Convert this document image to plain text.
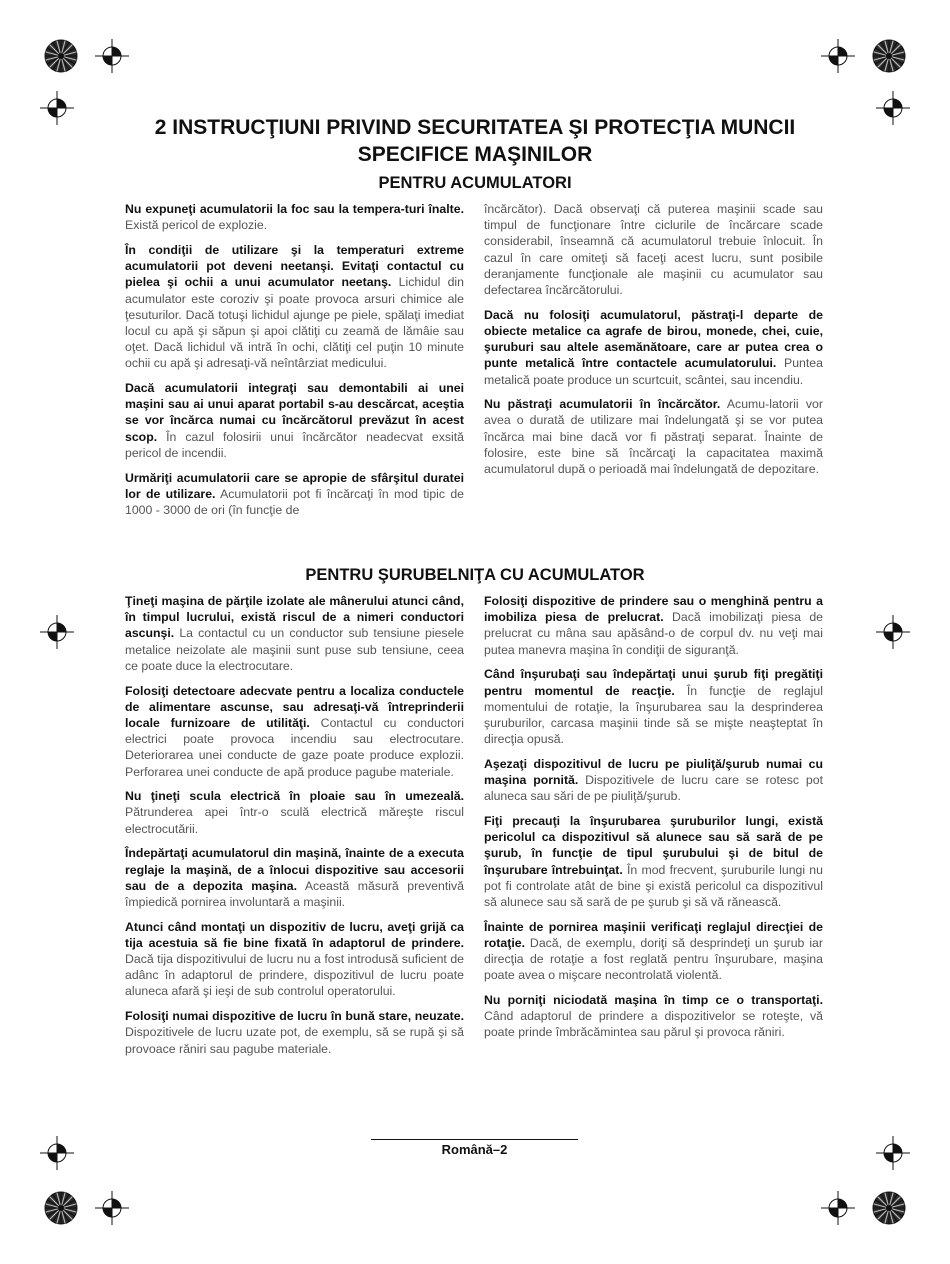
2 INSTRUCŢIUNI PRIVIND SECURITATEA ŞI PROTECŢIA MUNCII
SPECIFICE MAŞINILOR
PENTRU ACUMULATORI

Nu expuneţi acumulatorii la foc sau la tempera-turi înalte. Există pericol de explozie.

În condiţii de utilizare şi la temperaturi extreme acumulatorii pot deveni neetanşi. Evitaţi contactul cu pielea şi ochii a unui acumulator neetanş. Lichidul din acumulator este coroziv şi poate provoca arsuri chimice ale ţesuturilor. Dacă totuşi lichidul ajunge pe piele, spălaţi imediat locul cu apă şi săpun şi apoi clătiţi cu zeamă de lămâie sau oţet. Dacă lichidul vă intră în ochi, clătiţi cel puţin 10 minute ochii cu apă şi adresaţi-vă neîntârziat medicului.

Dacă acumulatorii integraţi sau demontabili ai unei maşini sau ai unui aparat portabil s-au descărcat, aceştia se vor încărca numai cu încărcătorul prevăzut în acest scop. În cazul folosirii unui încărcător neadecvat exsită pericol de incendii.

Urmăriţi acumulatorii care se apropie de sfârşitul duratei lor de utilizare. Acumulatorii pot fi încărcaţi în mod tipic de 1000 - 3000 de ori (în funcţie de

încărcător). Dacă observaţi că puterea maşinii scade sau timpul de funcţionare între ciclurile de încărcare scade considerabil, înseamnă că acumulatorul trebuie înlocuit. În cazul în care omiteţi să faceţi acest lucru, sunt posibile deranjamente funcţionale ale maşinii cu acumulator sau defectarea încărcătorului.

Dacă nu folosiţi acumulatorul, păstraţi-l departe de obiecte metalice ca agrafe de birou, monede, chei, cuie, şuruburi sau altele asemănătoare, care ar putea crea o punte metalică între contactele acumulatorului. Puntea metalică poate produce un scurtcuit, scântei, sau incendiu.

Nu păstraţi acumulatorii în încărcător. Acumu-latorii vor avea o durată de utilizare mai îndelungată şi se vor putea încărca mai bine dacă vor fi păstraţi separat. Înainte de folosire, este bine să încărcaţi la capacitatea maximă acumulatorul după o perioadă mai îndelungată de depozitare.

PENTRU ŞURUBELNIŢA CU ACUMULATOR

Ţineţi maşina de părţile izolate ale mânerului atunci când, în timpul lucrului, există riscul de a nimeri conductori ascunşi. La contactul cu un conductor sub tensiune piesele metalice neizolate ale maşinii sunt puse sub tensiune, ceea ce poate duce la electrocutare.

Folosiţi detectoare adecvate pentru a localiza conductele de alimentare ascunse, sau adresaţi-vă întreprinderii locale furnizoare de utilităţi. Contactul cu conductori electrici poate provoca incendiu sau electrocutare. Deteriorarea unei conducte de gaze poate produce explozii. Perforarea unei conducte de apă produce pagube materiale.

Nu ţineţi scula electrică în ploaie sau în umezeală. Pătrunderea apei într-o sculă electrică măreşte riscul electrocutării.

Îndepărtaţi acumulatorul din maşină, înainte de a executa reglaje la maşină, de a înlocui dispozitive sau accesorii sau de a depozita maşina. Această măsură preventivă împiedică pornirea involuntară a maşinii.

Atunci când montaţi un dispozitiv de lucru, aveţi grijă ca tija acestuia să fie bine fixată în adaptorul de prindere. Dacă tija dispozitivului de lucru nu a fost introdusă suficient de adânc în adaptorul de prindere, dispozitivul de lucru poate aluneca afară şi ieşi de sub controlul operatorului.

Folosiţi numai dispozitive de lucru în bună stare, neuzate. Dispozitivele de lucru uzate pot, de exemplu, să se rupă şi să provoace răniri sau pagube materiale.

Folosiţi dispozitive de prindere sau o menghină pentru a imobiliza piesa de prelucrat. Dacă imobilizaţi piesa de prelucrat cu mâna sau apăsând-o de corpul dv. nu veţi mai putea manevra maşina în condiţii de siguranţă.

Când înşurubaţi sau îndepărtaţi unui şurub fiţi pregătiţi pentru momentul de reacţie. În funcţie de reglajul momentului de rotaţie, la înşurubarea sau la desprinderea şuruburilor, carcasa maşinii tinde să se mişte neaşteptat în direcţia opusă.

Aşezaţi dispozitivul de lucru pe piuliţă/şurub numai cu maşina pornită. Dispozitivele de lucru care se rotesc pot aluneca sau sări de pe piuliţă/şurub.

Fiţi precauţi la înşurubarea şuruburilor lungi, există pericolul ca dispozitivul să alunece sau să sară de pe şurub, în funcţie de tipul şurubului şi de bitul de înşurubare întrebuinţat. În mod frecvent, şuruburile lungi nu pot fi controlate atât de bine şi există pericolul ca dispozitivul să alunece sau să sară de pe şurub şi să vă rănească.

Înainte de pornirea maşinii verificaţi reglajul direcţiei de rotaţie. Dacă, de exemplu, doriţi să desprindeţi un şurub iar direcţia de rotaţie a fost reglată pentru înşurubare, maşina poate avea o mişcare necontrolată violentă.

Nu porniţi niciodată maşina în timp ce o transportaţi. Când adaptorul de prindere a dispozitivelor se roteşte, vă poate prinde îmbrăcămintea sau părul şi provoca răniri.

Română–2
